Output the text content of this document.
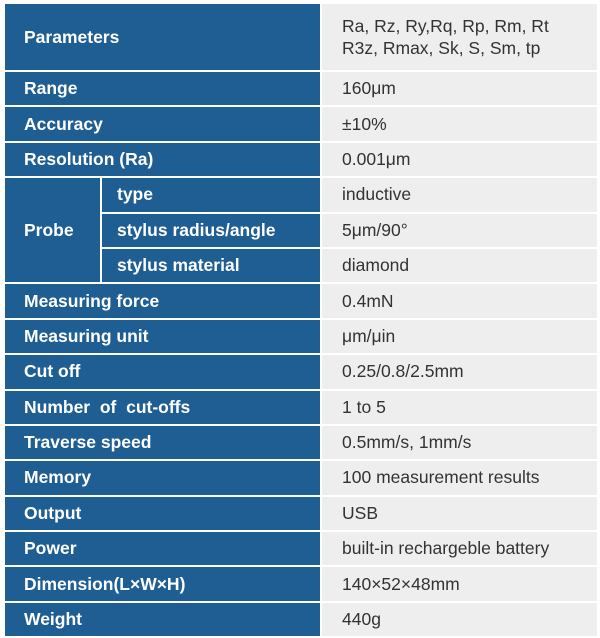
Parameters		Ra, Rz, Ry,Rq, Rp, Rm, Rt
R3z, Rmax, Sk, S, Sm, tp

Range		160μm
Accuracy		±10%
Resolution (Ra)		0.001μm
Probe	type	inductive
	stylus radius/angle	5μm/90°
	stylus material	diamond
Measuring force		0.4mN
Measuring unit		μm/μin
Cut off		0.25/0.8/2.5mm
Number  of  cut-offs		1 to 5
Traverse speed		0.5mm/s, 1mm/s
Memory		100 measurement results
Output		USB
Power		built-in rechargeble battery
Dimension(L×W×H)		140×52×48mm
Weight		440g
